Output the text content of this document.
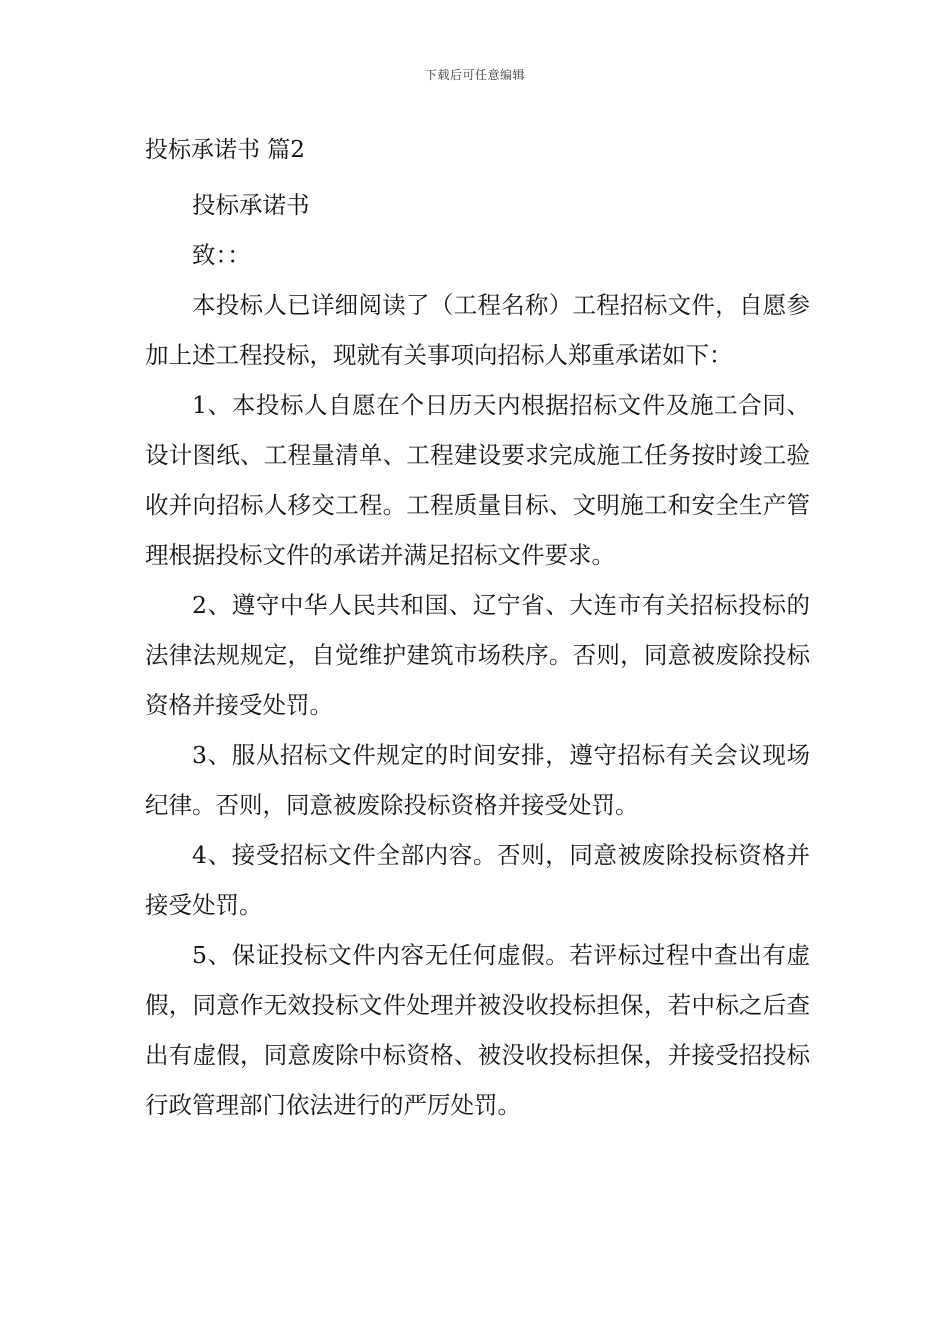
下载后可任意编辑
投标承诺书 篇2

投标承诺书

致：：

本投标人已详细阅读了（工程名称）工程招标文件，自愿参加上述工程投标，现就有关事项向招标人郑重承诺如下：

1、本投标人自愿在个日历天内根据招标文件及施工合同、设计图纸、工程量清单、工程建设要求完成施工任务按时竣工验收并向招标人移交工程。工程质量目标、文明施工和安全生产管理根据投标文件的承诺并满足招标文件要求。

2、遵守中华人民共和国、辽宁省、大连市有关招标投标的法律法规规定，自觉维护建筑市场秩序。否则，同意被废除投标资格并接受处罚。

3、服从招标文件规定的时间安排，遵守招标有关会议现场纪律。否则，同意被废除投标资格并接受处罚。

4、接受招标文件全部内容。否则，同意被废除投标资格并接受处罚。

5、保证投标文件内容无任何虚假。若评标过程中查出有虚假，同意作无效投标文件处理并被没收投标担保，若中标之后查出有虚假，同意废除中标资格、被没收投标担保，并接受招投标行政管理部门依法进行的严厉处罚。
